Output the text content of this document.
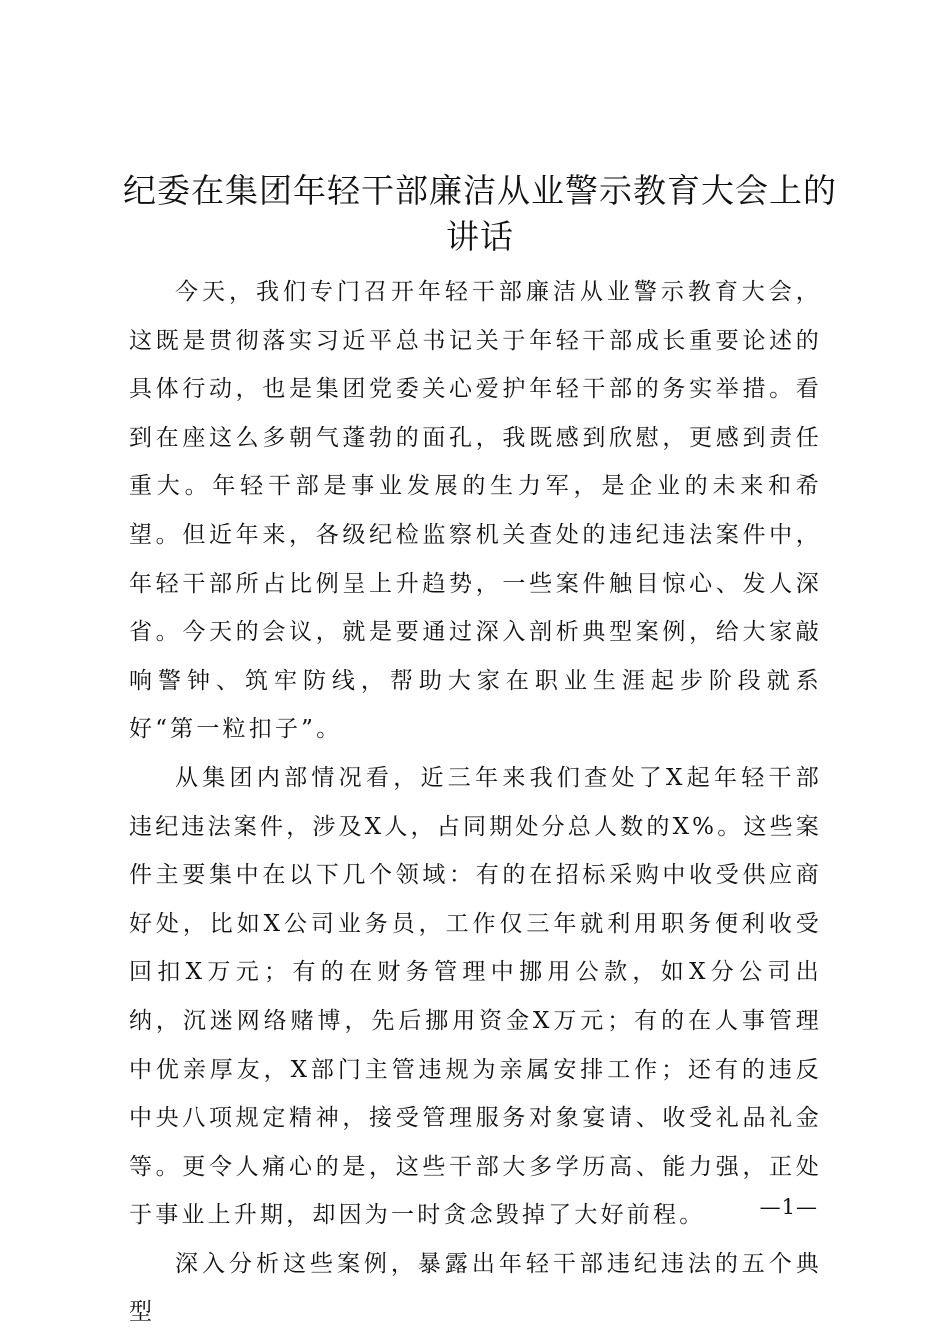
纪委在集团年轻干部廉洁从业警示教育大会上的讲话

今天，我们专门召开年轻干部廉洁从业警示教育大会，这既是贯彻落实习近平总书记关于年轻干部成长重要论述的具体行动，也是集团党委关心爱护年轻干部的务实举措。看到在座这么多朝气蓬勃的面孔，我既感到欣慰，更感到责任重大。年轻干部是事业发展的生力军，是企业的未来和希望。但近年来，各级纪检监察机关查处的违纪违法案件中，年轻干部所占比例呈上升趋势，一些案件触目惊心、发人深省。今天的会议，就是要通过深入剖析典型案例，给大家敲响警钟、筑牢防线，帮助大家在职业生涯起步阶段就系好“第一粒扣子”。

从集团内部情况看，近三年来我们查处了X起年轻干部违纪违法案件，涉及X人，占同期处分总人数的X%。这些案件主要集中在以下几个领域：有的在招标采购中收受供应商好处，比如X公司业务员，工作仅三年就利用职务便利收受回扣X万元；有的在财务管理中挪用公款，如X分公司出纳，沉迷网络赌博，先后挪用资金X万元；有的在人事管理中优亲厚友，X部门主管违规为亲属安排工作；还有的违反中央八项规定精神，接受管理服务对象宴请、收受礼品礼金等。更令人痛心的是，这些干部大多学历高、能力强，正处于事业上升期，却因为一时贪念毁掉了大好前程。

深入分析这些案例，暴露出年轻干部违纪违法的五个典型

—1—
